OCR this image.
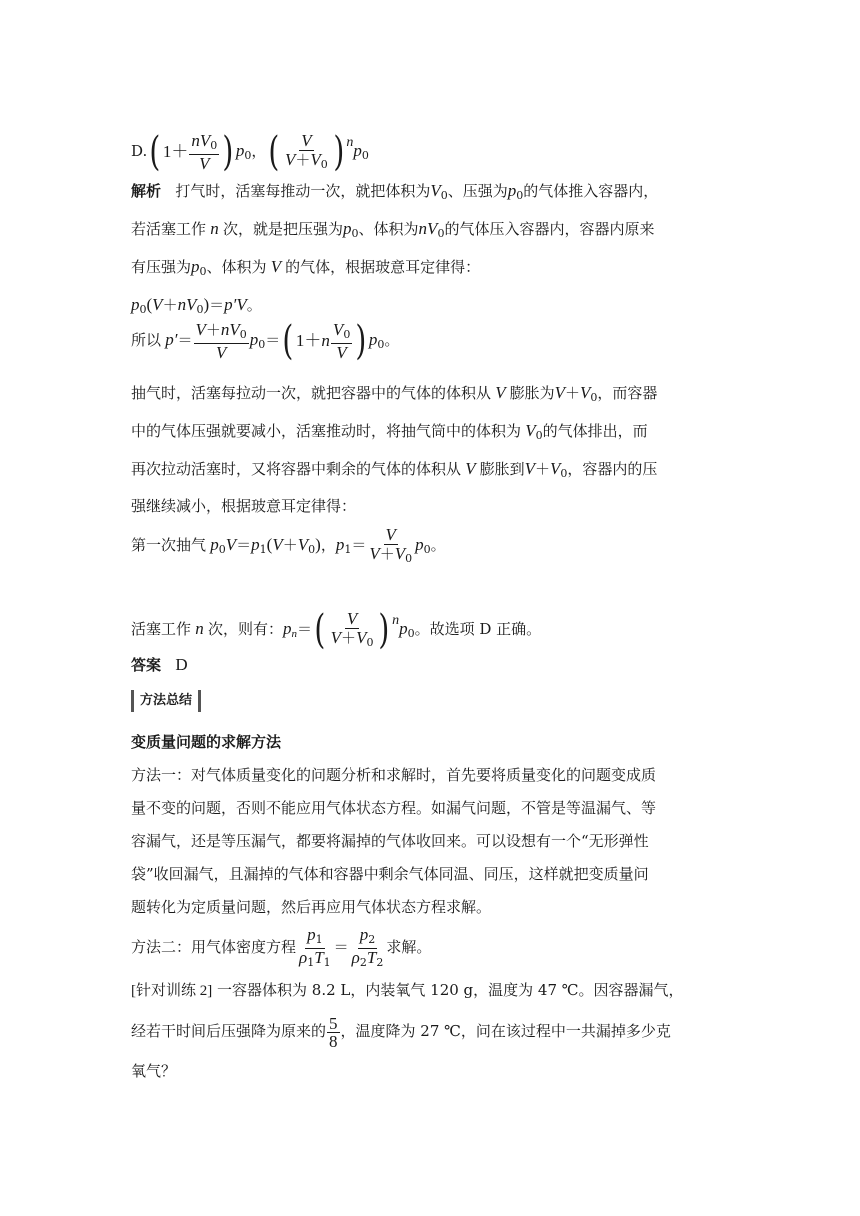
D. ( $1+ \frac{nV_0}{V}$ ) $p_0$， ( $\frac{V}{V+V_0}$ ) $^np_0$
解析 打气时，活塞每推动一次，就把体积为$V_0$、压强为$p_0$的气体推入容器内，
若活塞工作 n 次，就是把压强为$p_0$、体积为$nV_0$的气体压入容器内，容器内原来
有压强为$p_0$、体积为 V 的气体，根据玻意耳定律得：
$p_0(V+nV_0)=p'V$。
所以 $p'= \frac{V+nV_0}{V} p_0=$ ( 1＋ n $\frac{V_0}{V}$ ) $p_0$。
抽气时，活塞每拉动一次，就把容器中的气体的体积从 V 膨胀为$V+V_0$，而容器
中的气体压强就要减小，活塞推动时，将抽气筒中的体积为 $V_0$的气体排出，而
再次拉动活塞时，又将容器中剩余的气体的体积从 V 膨胀到$V+V_0$，容器内的压
强继续减小，根据玻意耳定律得：
第一次抽气 $p_0V=p_1(V+V_0)$，$p_1= \frac{V}{V+V_0} p_0$。
活塞工作 n 次，则有：$p_n=$ ( $\frac{V}{V+V_0}$ ) $^np_0$。故选项 D 正确。
答案 D
方法总结
变质量问题的求解方法
方法一：对气体质量变化的问题分析和求解时，首先要将质量变化的问题变成质
量不变的问题，否则不能应用气体状态方程。如漏气问题，不管是等温漏气、等
容漏气，还是等压漏气，都要将漏掉的气体收回来。可以设想有一个“无形弹性
袋”收回漏气，且漏掉的气体和容器中剩余气体同温、同压，这样就把变质量问
题转化为定质量问题，然后再应用气体状态方程求解。
方法二：用气体密度方程 $\frac{p_1}{\rho_1T_1} = \frac{p_2}{\rho_2T_2}$ 求解。
[针对训练 2] 一容器体积为 8.2 L，内装氧气 120 g，温度为 47 ℃。因容器漏气，
经若干时间后压强降为原来的 $\frac{5}{8}$ ，温度降为 27 ℃，问在该过程中一共漏掉多少克
氧气？
